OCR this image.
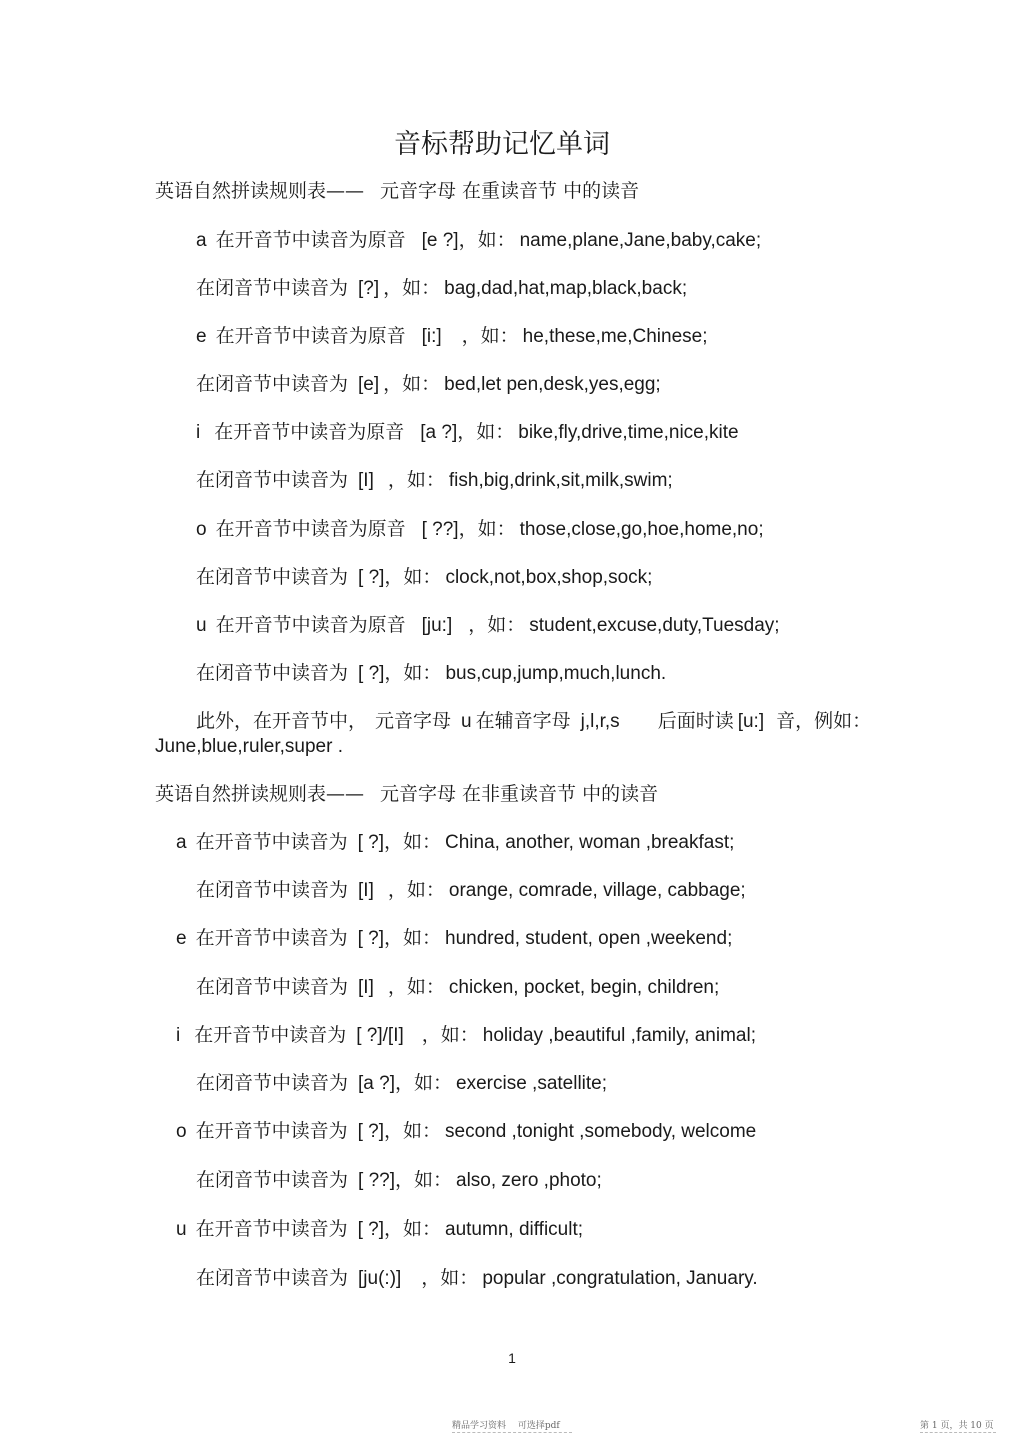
音标帮助记忆单词
英语自然拼读规则表—— 元音字母 在重读音节 中的读音
a 在开音节中读音为原音 [e ?]，如： name,plane,Jane,baby,cake;
在闭音节中读音为 [?] ，如： bag,dad,hat,map,black,back;
e 在开音节中读音为原音 [i:] ，如： he,these,me,Chinese;
在闭音节中读音为 [e] ，如： bed,let pen,desk,yes,egg;
i 在开音节中读音为原音 [a ?]，如： bike,fly,drive,time,nice,kite
在闭音节中读音为 [I] ，如： fish,big,drink,sit,milk,swim;
o 在开音节中读音为原音 [ ??]，如： those,close,go,hoe,home,no;
在闭音节中读音为 [ ?]，如： clock,not,box,shop,sock;
u 在开音节中读音为原音 [ju:] ，如： student,excuse,duty,Tuesday;
在闭音节中读音为 [ ?]，如： bus,cup,jump,much,lunch.
此外，在开音节中， 元音字母 u 在辅音字母 j,l,r,s 后面时读 [u:] 音，例如：
June,blue,ruler,super .
英语自然拼读规则表—— 元音字母 在非重读音节 中的读音
a 在开音节中读音为 [ ?]，如： China, another, woman ,breakfast;
在闭音节中读音为 [I] ，如： orange, comrade, village, cabbage;
e 在开音节中读音为 [ ?]，如： hundred, student, open ,weekend;
在闭音节中读音为 [I] ，如： chicken, pocket, begin, children;
i 在开音节中读音为 [ ?]/[I] ，如： holiday ,beautiful ,family, animal;
在闭音节中读音为 [a ?]，如： exercise ,satellite;
o 在开音节中读音为 [ ?]，如： second ,tonight ,somebody, welcome
在闭音节中读音为 [ ??]，如： also, zero ,photo;
u 在开音节中读音为 [ ?]，如： autumn, difficult;
在闭音节中读音为 [ju(:)] ，如： popular ,congratulation, January.
1
精品学习资料　 可选择pdf	第 1 页，共 10 页
